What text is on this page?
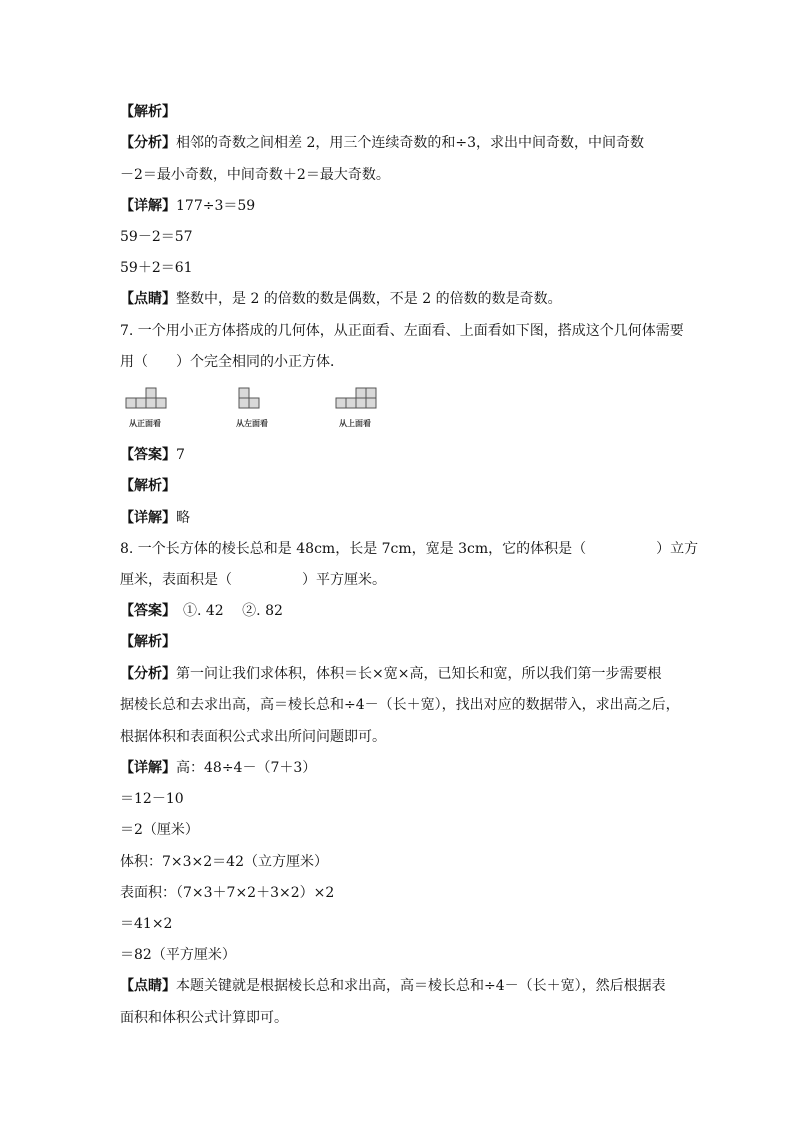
【解析】
【分析】相邻的奇数之间相差 2，用三个连续奇数的和÷3，求出中间奇数，中间奇数
－2＝最小奇数，中间奇数＋2＝最大奇数。
【详解】177÷3＝59
59－2＝57
59＋2＝61
【点睛】整数中，是 2 的倍数的数是偶数，不是 2 的倍数的数是奇数。
7. 一个用小正方体搭成的几何体，从正面看、左面看、上面看如下图，搭成这个几何体需要
用（　　）个完全相同的小正方体．
【答案】7
【解析】
【详解】略
8. 一个长方体的棱长总和是 48cm，长是 7cm，宽是 3cm，它的体积是（　　　　　）立方
厘米，表面积是（　　　　　）平方厘米。
【答案】　①. 42　 ②. 82
【解析】
【分析】第一问让我们求体积，体积＝长×宽×高，已知长和宽，所以我们第一步需要根
据棱长总和去求出高，高＝棱长总和÷4－（长＋宽），找出对应的数据带入，求出高之后，
根据体积和表面积公式求出所问问题即可。
【详解】高：48÷4－（7＋3）
＝12－10
＝2（厘米）
体积：7×3×2＝42（立方厘米）
表面积：（7×3＋7×2＋3×2）×2
＝41×2
＝82（平方厘米）
【点睛】本题关键就是根据棱长总和求出高，高＝棱长总和÷4－（长＋宽），然后根据表
面积和体积公式计算即可。
从正面看	从左面看	从上面看
